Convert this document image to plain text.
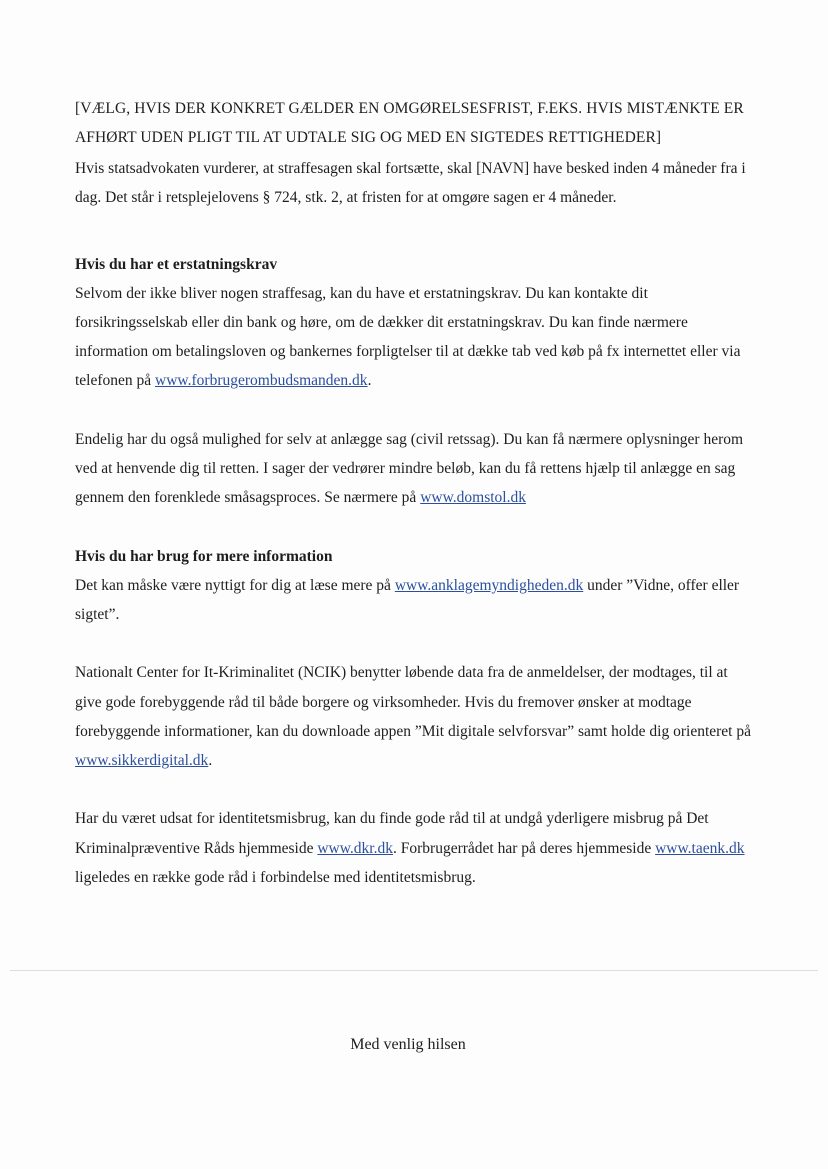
[VÆLG, HVIS DER KONKRET GÆLDER EN OMGØRELSESFRIST, F.EKS. HVIS MISTÆNKTE ER AFHØRT UDEN PLIGT TIL AT UDTALE SIG OG MED EN SIGTEDES RETTIGHEDER]

Hvis statsadvokaten vurderer, at straffesagen skal fortsætte, skal [NAVN] have besked inden 4 måneder fra i dag. Det står i retsplejelovens § 724, stk. 2, at fristen for at omgøre sagen er 4 måneder.

Hvis du har et erstatningskrav

Selvom der ikke bliver nogen straffesag, kan du have et erstatningskrav. Du kan kontakte dit forsikringsselskab eller din bank og høre, om de dækker dit erstatningskrav. Du kan finde nærmere information om betalingsloven og bankernes forpligtelser til at dække tab ved køb på fx internettet eller via telefonen på www.forbrugerombudsmanden.dk.

Endelig har du også mulighed for selv at anlægge sag (civil retssag). Du kan få nærmere oplysninger herom ved at henvende dig til retten. I sager der vedrører mindre beløb, kan du få rettens hjælp til anlægge en sag gennem den forenklede småsagsproces. Se nærmere på www.domstol.dk

Hvis du har brug for mere information

Det kan måske være nyttigt for dig at læse mere på www.anklagemyndigheden.dk under ”Vidne, offer eller sigtet”.

Nationalt Center for It-Kriminalitet (NCIK) benytter løbende data fra de anmeldelser, der modtages, til at give gode forebyggende råd til både borgere og virksomheder. Hvis du fremover ønsker at modtage forebyggende informationer, kan du downloade appen ”Mit digitale selvforsvar” samt holde dig orienteret på www.sikkerdigital.dk.

Har du været udsat for identitetsmisbrug, kan du finde gode råd til at undgå yderligere misbrug på Det Kriminalpræventive Råds hjemmeside www.dkr.dk. Forbrugerrådet har på deres hjemmeside www.taenk.dk ligeledes en række gode råd i forbindelse med identitetsmisbrug.

Med venlig hilsen
